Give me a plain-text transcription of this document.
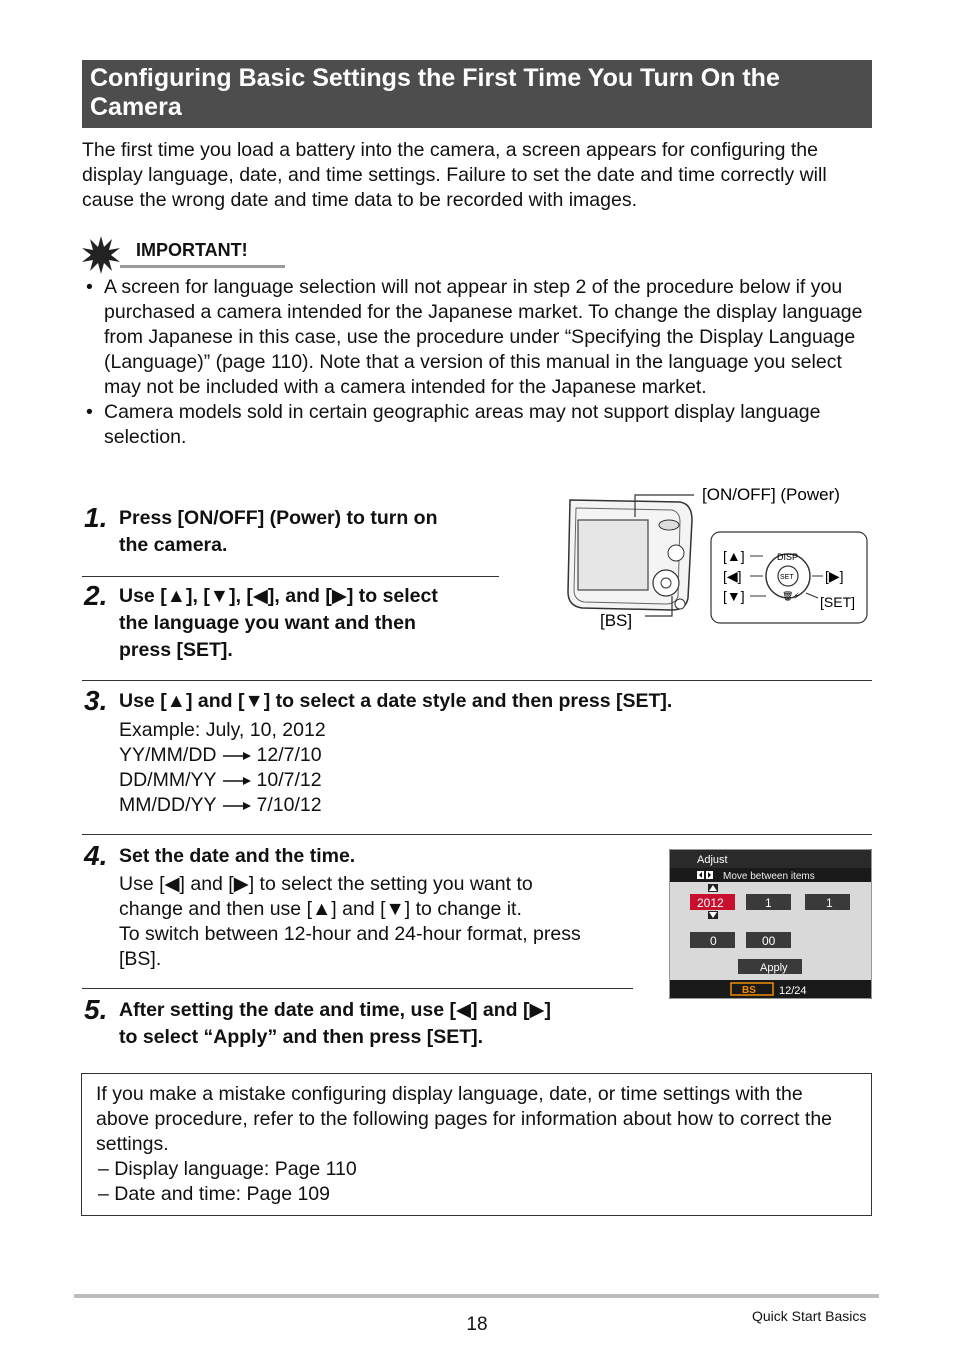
Configuring Basic Settings the First Time You Turn On the Camera
The first time you load a battery into the camera, a screen appears for configuring the display language, date, and time settings. Failure to set the date and time correctly will cause the wrong date and time data to be recorded with images.
IMPORTANT!
• A screen for language selection will not appear in step 2 of the procedure below if you purchased a camera intended for the Japanese market. To change the display language from Japanese in this case, use the procedure under “Specifying the Display Language (Language)” (page 110). Note that a version of this manual in the language you select may not be included with a camera intended for the Japanese market.
• Camera models sold in certain geographic areas may not support display language selection.
1. Press [ON/OFF] (Power) to turn on
the camera.
2. Use [▲], [▼], [◀], and [▶] to select
the language you want and then
press [SET].
[ON/OFF] (Power)
[BS]
[▲]
[◀]
[▼]
[▶]
[SET]
DISP
SET
🗑⚡
3. Use [▲] and [▼] to select a date style and then press [SET].
Example: July, 10, 2012
YY/MM/DD 12/7/10
DD/MM/YY 10/7/12
MM/DD/YY 7/10/12
4. Set the date and the time.
Use [◀] and [▶] to select the setting you want to
change and then use [▲] and [▼] to change it.
To switch between 12-hour and 24-hour format, press
[BS].
Adjust
Move between items
2012	1	1
0	00
Apply
BS 12/24
5. After setting the date and time, use [◀] and [▶]
to select “Apply” and then press [SET].
If you make a mistake configuring display language, date, or time settings with the above procedure, refer to the following pages for information about how to correct the settings.
– Display language: Page 110
– Date and time: Page 109
18	Quick Start Basics
